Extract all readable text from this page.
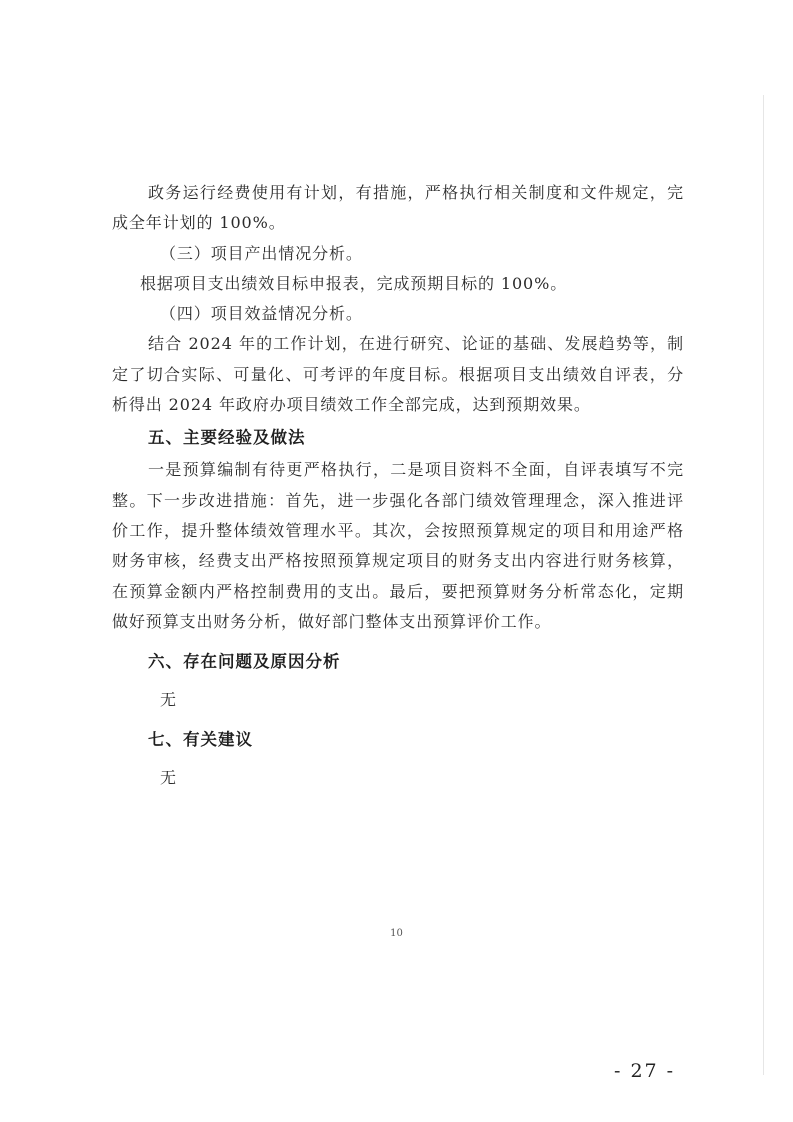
政务运行经费使用有计划，有措施，严格执行相关制度和文件规定，完成全年计划的 100%。

（三）项目产出情况分析。

根据项目支出绩效目标申报表，完成预期目标的 100%。

（四）项目效益情况分析。

结合 2024 年的工作计划，在进行研究、论证的基础、发展趋势等，制定了切合实际、可量化、可考评的年度目标。根据项目支出绩效自评表，分析得出 2024 年政府办项目绩效工作全部完成，达到预期效果。

五、主要经验及做法

一是预算编制有待更严格执行，二是项目资料不全面，自评表填写不完整。下一步改进措施：首先，进一步强化各部门绩效管理理念，深入推进评价工作，提升整体绩效管理水平。其次，会按照预算规定的项目和用途严格财务审核，经费支出严格按照预算规定项目的财务支出内容进行财务核算，在预算金额内严格控制费用的支出。最后，要把预算财务分析常态化，定期做好预算支出财务分析，做好部门整体支出预算评价工作。

六、存在问题及原因分析

无

七、有关建议

无

10
- 27 -
